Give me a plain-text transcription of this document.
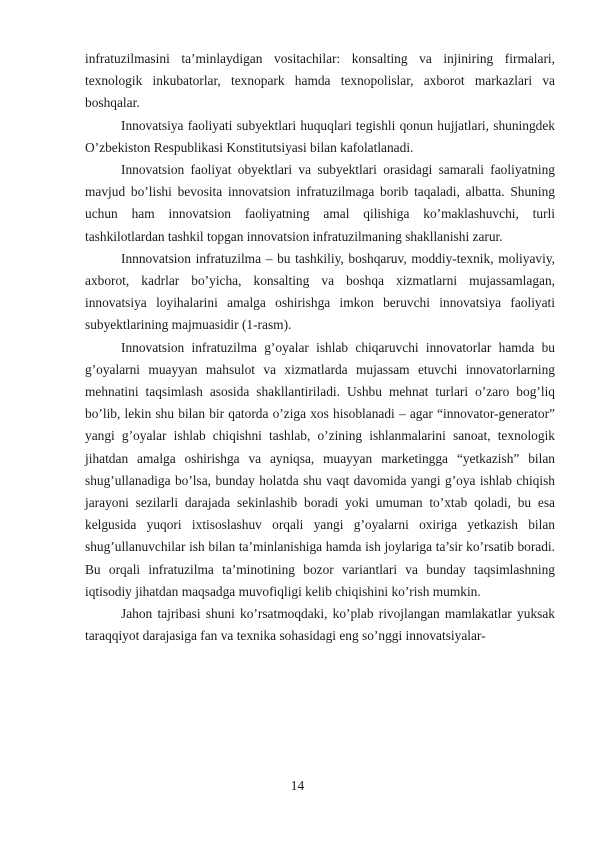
infratuzilmasini ta’minlaydigan vositachilar: konsalting va injiniring firmalari, texnologik inkubatorlar, texnopark hamda texnopolislar, axborot markazlari va boshqalar.

Innovatsiya faoliyati subyektlari huquqlari tegishli qonun hujjatlari, shuningdek O’zbekiston Respublikasi Konstitutsiyasi bilan kafolatlanadi.

Innovatsion faoliyat obyektlari va subyektlari orasidagi samarali faoliyatning mavjud bo’lishi bevosita innovatsion infratuzilmaga borib taqaladi, albatta. Shuning uchun ham innovatsion faoliyatning amal qilishiga ko’maklashuvchi, turli tashkilotlardan tashkil topgan innovatsion infratuzilmaning shakllanishi zarur.

Innnovatsion infratuzilma – bu tashkiliy, boshqaruv, moddiy-texnik, moliyaviy, axborot, kadrlar bo’yicha, konsalting va boshqa xizmatlarni mujassamlagan, innovatsiya loyihalarini amalga oshirishga imkon beruvchi innovatsiya faoliyati subyektlarining majmuasidir (1-rasm).

Innovatsion infratuzilma g’oyalar ishlab chiqaruvchi innovatorlar hamda bu g’oyalarni muayyan mahsulot va xizmatlarda mujassam etuvchi innovatorlarning mehnatini taqsimlash asosida shakllantiriladi. Ushbu mehnat turlari o’zaro bog’liq bo’lib, lekin shu bilan bir qatorda o’ziga xos hisoblanadi – agar “innovator-generator” yangi g’oyalar ishlab chiqishni tashlab, o’zining ishlanmalarini sanoat, texnologik jihatdan amalga oshirishga va ayniqsa, muayyan marketingga “yetkazish” bilan shug’ullanadiga bo’lsa, bunday holatda shu vaqt davomida yangi g’oya ishlab chiqish jarayoni sezilarli darajada sekinlashib boradi yoki umuman to’xtab qoladi, bu esa kelgusida yuqori ixtisoslashuv orqali yangi g’oyalarni oxiriga yetkazish bilan shug’ullanuvchilar ish bilan ta’minlanishiga hamda ish joylariga ta’sir ko’rsatib boradi. Bu orqali infratuzilma ta’minotining bozor variantlari va bunday taqsimlashning iqtisodiy jihatdan maqsadga muvofiqligi kelib chiqishini ko’rish mumkin.

Jahon tajribasi shuni ko’rsatmoqdaki, ko’plab rivojlangan mamlakatlar yuksak taraqqiyot darajasiga fan va texnika sohasidagi eng so’nggi innovatsiyalar-

14
